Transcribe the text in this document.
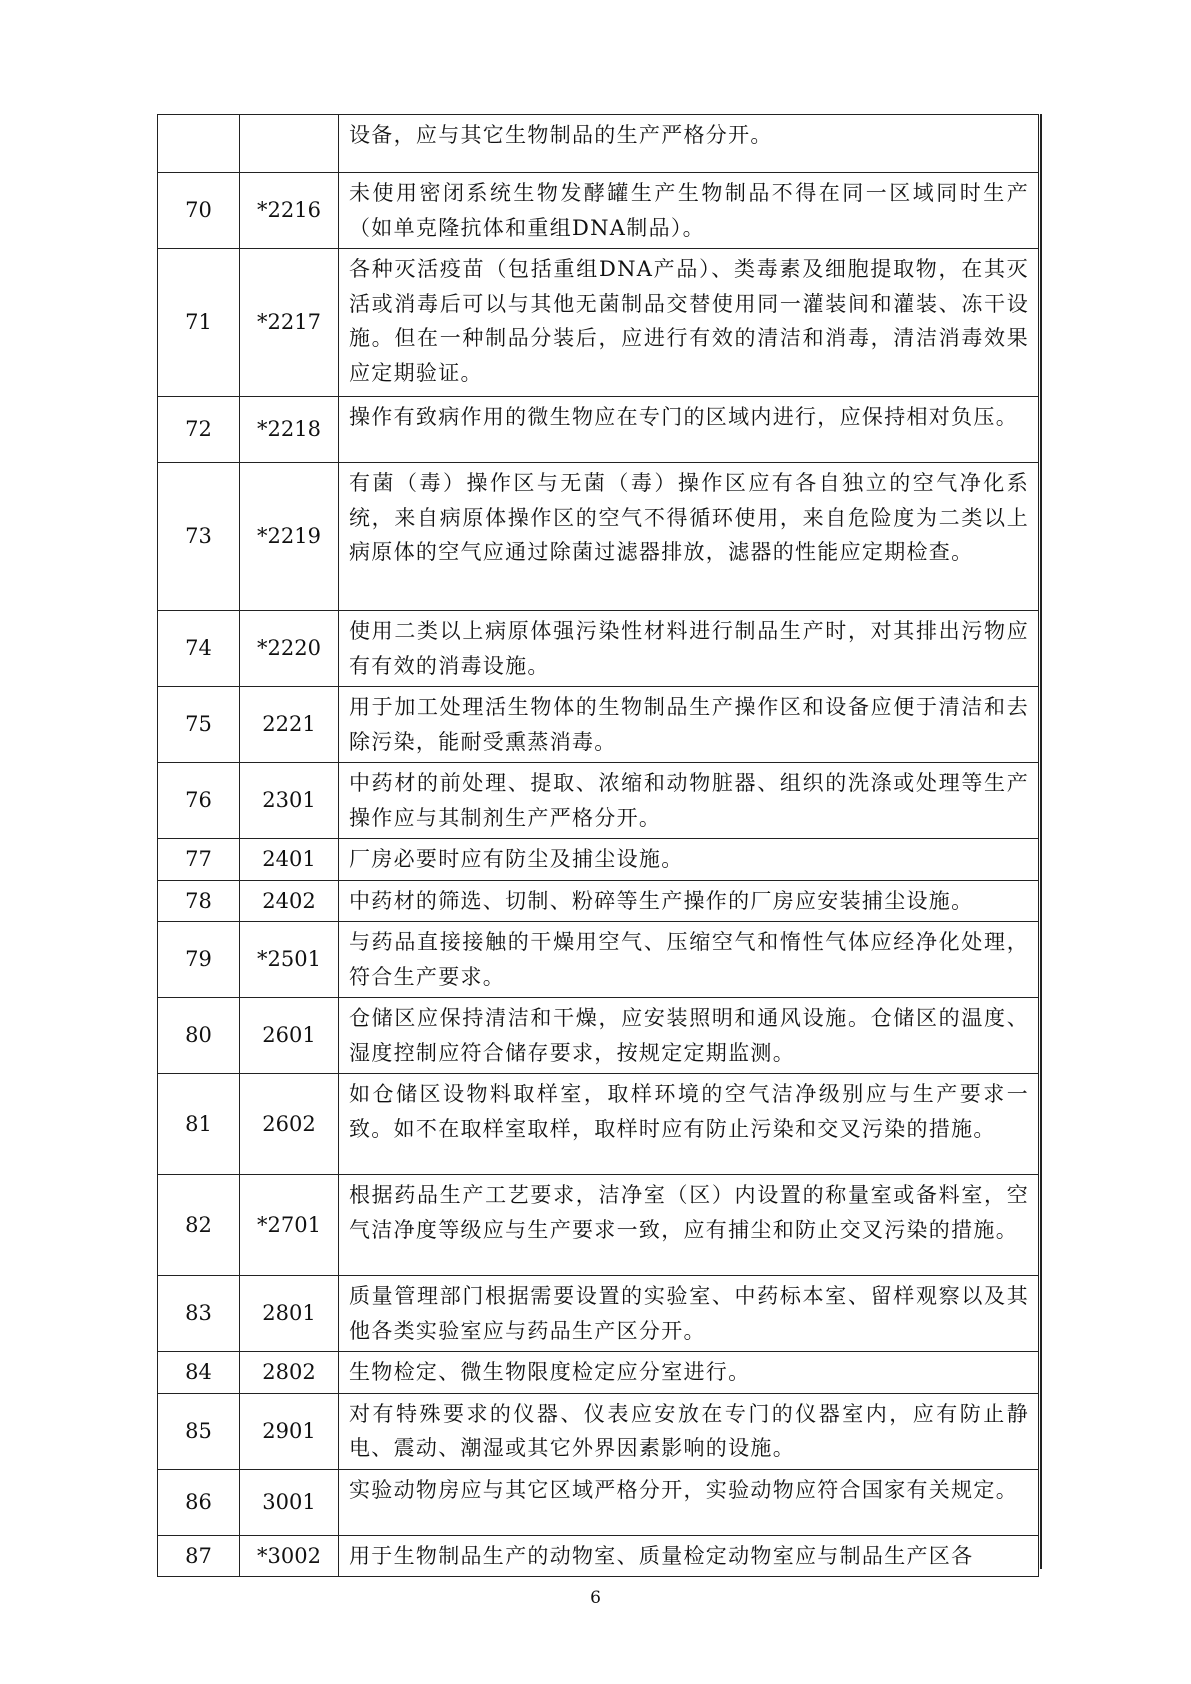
		设备，应与其它生物制品的生产严格分开。
70	*2216	未使用密闭系统生物发酵罐生产生物制品不得在同一区域同时生产（如单克隆抗体和重组DNA制品）。
71	*2217	各种灭活疫苗（包括重组DNA产品）、类毒素及细胞提取物，在其灭活或消毒后可以与其他无菌制品交替使用同一灌装间和灌装、冻干设施。但在一种制品分装后，应进行有效的清洁和消毒，清洁消毒效果应定期验证。
72	*2218	操作有致病作用的微生物应在专门的区域内进行，应保持相对负压。
73	*2219	有菌（毒）操作区与无菌（毒）操作区应有各自独立的空气净化系统，来自病原体操作区的空气不得循环使用，来自危险度为二类以上病原体的空气应通过除菌过滤器排放，滤器的性能应定期检查。
74	*2220	使用二类以上病原体强污染性材料进行制品生产时，对其排出污物应有有效的消毒设施。
75	2221	用于加工处理活生物体的生物制品生产操作区和设备应便于清洁和去除污染，能耐受熏蒸消毒。
76	2301	中药材的前处理、提取、浓缩和动物脏器、组织的洗涤或处理等生产操作应与其制剂生产严格分开。
77	2401	厂房必要时应有防尘及捕尘设施。
78	2402	中药材的筛选、切制、粉碎等生产操作的厂房应安装捕尘设施。
79	*2501	与药品直接接触的干燥用空气、压缩空气和惰性气体应经净化处理，符合生产要求。
80	2601	仓储区应保持清洁和干燥，应安装照明和通风设施。仓储区的温度、湿度控制应符合储存要求，按规定定期监测。
81	2602	如仓储区设物料取样室，取样环境的空气洁净级别应与生产要求一致。如不在取样室取样，取样时应有防止污染和交叉污染的措施。
82	*2701	根据药品生产工艺要求，洁净室（区）内设置的称量室或备料室，空气洁净度等级应与生产要求一致，应有捕尘和防止交叉污染的措施。
83	2801	质量管理部门根据需要设置的实验室、中药标本室、留样观察以及其他各类实验室应与药品生产区分开。
84	2802	生物检定、微生物限度检定应分室进行。
85	2901	对有特殊要求的仪器、仪表应安放在专门的仪器室内，应有防止静电、震动、潮湿或其它外界因素影响的设施。
86	3001	实验动物房应与其它区域严格分开，实验动物应符合国家有关规定。
87	*3002	用于生物制品生产的动物室、质量检定动物室应与制品生产区各
6
